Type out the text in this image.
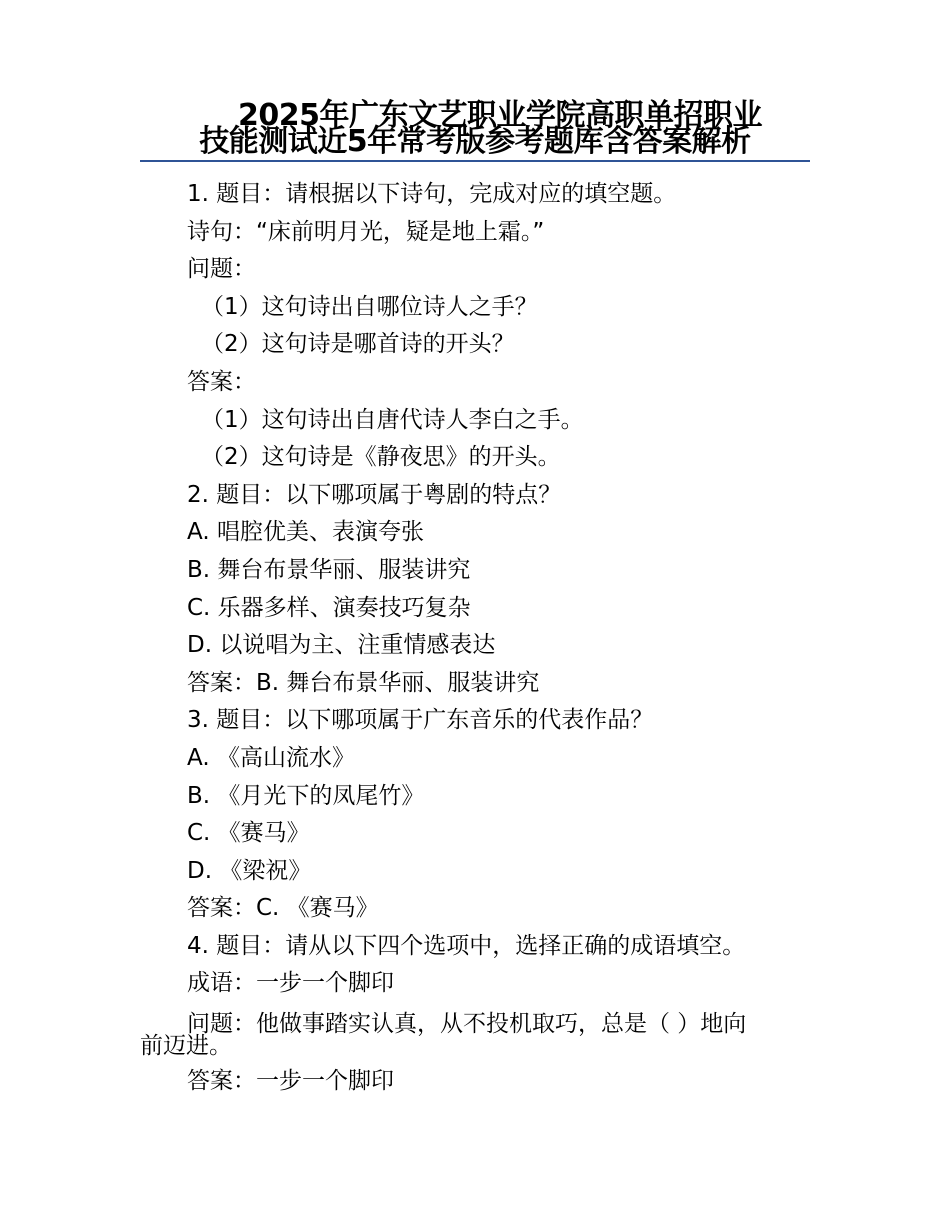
2025年广东文艺职业学院高职单招职业
技能测试近5年常考版参考题库含答案解析
1. 题目：请根据以下诗句，完成对应的填空题。
诗句：“床前明月光，疑是地上霜。”
问题：
（1）这句诗出自哪位诗人之手？
（2）这句诗是哪首诗的开头？
答案：
（1）这句诗出自唐代诗人李白之手。
（2）这句诗是《静夜思》的开头。
2. 题目：以下哪项属于粤剧的特点？
A. 唱腔优美、表演夸张
B. 舞台布景华丽、服装讲究
C. 乐器多样、演奏技巧复杂
D. 以说唱为主、注重情感表达
答案：B. 舞台布景华丽、服装讲究
3. 题目：以下哪项属于广东音乐的代表作品？
A. 《高山流水》
B. 《月光下的凤尾竹》
C. 《赛马》
D. 《梁祝》
答案：C. 《赛马》
4. 题目：请从以下四个选项中，选择正确的成语填空。
成语：一步一个脚印
问题：他做事踏实认真，从不投机取巧，总是（ ）地向
前迈进。
答案：一步一个脚印
